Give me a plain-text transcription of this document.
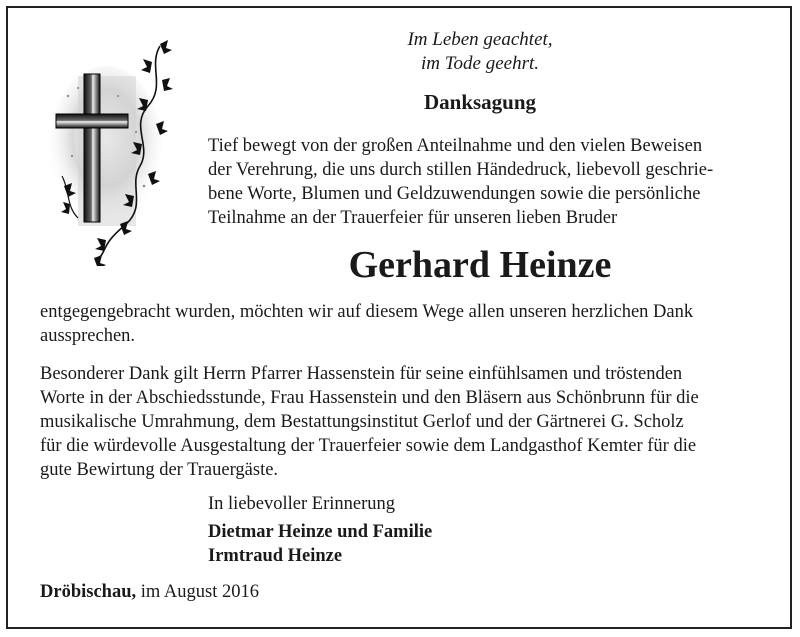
Im Leben geachtet,
im Tode geehrt.
Danksagung
Tief bewegt von der großen Anteilnahme und den vielen Beweisen
der Verehrung, die uns durch stillen Händedruck, liebevoll geschrie-
bene Worte, Blumen und Geldzuwendungen sowie die persönliche
Teilnahme an der Trauerfeier für unseren lieben Bruder
Gerhard Heinze
entgegengebracht wurden, möchten wir auf diesem Wege allen unseren herzlichen Dank
aussprechen.
Besonderer Dank gilt Herrn Pfarrer Hassenstein für seine einfühlsamen und tröstenden
Worte in der Abschiedsstunde, Frau Hassenstein und den Bläsern aus Schönbrunn für die
musikalische Umrahmung, dem Bestattungsinstitut Gerlof und der Gärtnerei G. Scholz
für die würdevolle Ausgestaltung der Trauerfeier sowie dem Landgasthof Kemter für die
gute Bewirtung der Trauergäste.
In liebevoller Erinnerung
Dietmar Heinze und Familie
Irmtraud Heinze
Dröbischau, im August 2016
